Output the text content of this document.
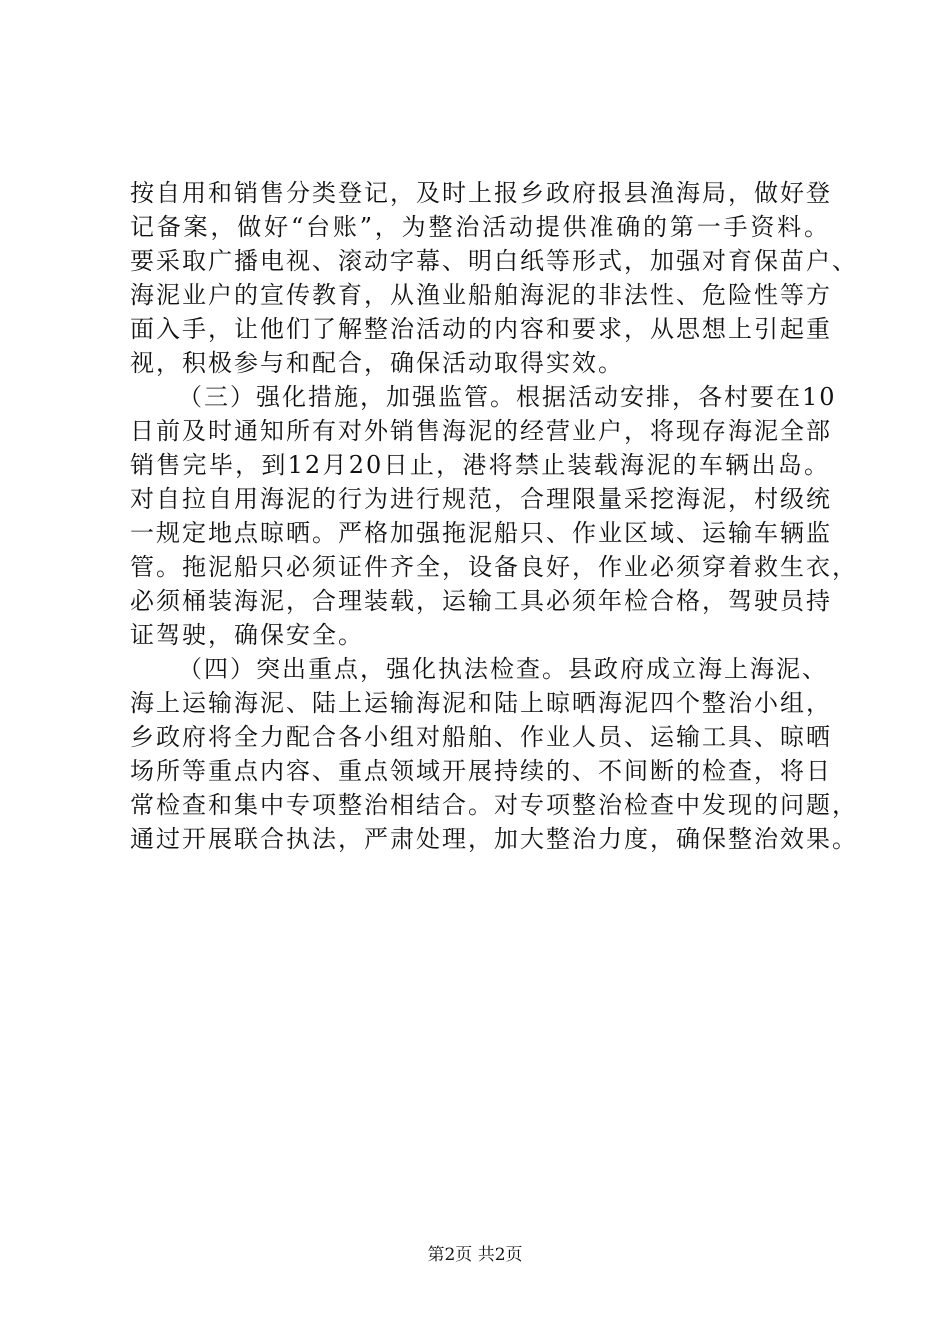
按自用和销售分类登记，及时上报乡政府报县渔海局，做好登
记备案，做好“台账”，为整治活动提供准确的第一手资料。
要采取广播电视、滚动字幕、明白纸等形式，加强对育保苗户、
海泥业户的宣传教育，从渔业船舶海泥的非法性、危险性等方
面入手，让他们了解整治活动的内容和要求，从思想上引起重
视，积极参与和配合，确保活动取得实效。
（三）强化措施，加强监管。根据活动安排，各村要在10
日前及时通知所有对外销售海泥的经营业户，将现存海泥全部
销售完毕，到12月20日止，港将禁止装载海泥的车辆出岛。
对自拉自用海泥的行为进行规范，合理限量采挖海泥，村级统
一规定地点晾晒。严格加强拖泥船只、作业区域、运输车辆监
管。拖泥船只必须证件齐全，设备良好，作业必须穿着救生衣，
必须桶装海泥，合理装载，运输工具必须年检合格，驾驶员持
证驾驶，确保安全。
（四）突出重点，强化执法检查。县政府成立海上海泥、
海上运输海泥、陆上运输海泥和陆上晾晒海泥四个整治小组，
乡政府将全力配合各小组对船舶、作业人员、运输工具、晾晒
场所等重点内容、重点领域开展持续的、不间断的检查，将日
常检查和集中专项整治相结合。对专项整治检查中发现的问题，
通过开展联合执法，严肃处理，加大整治力度，确保整治效果。
第2页 共2页
